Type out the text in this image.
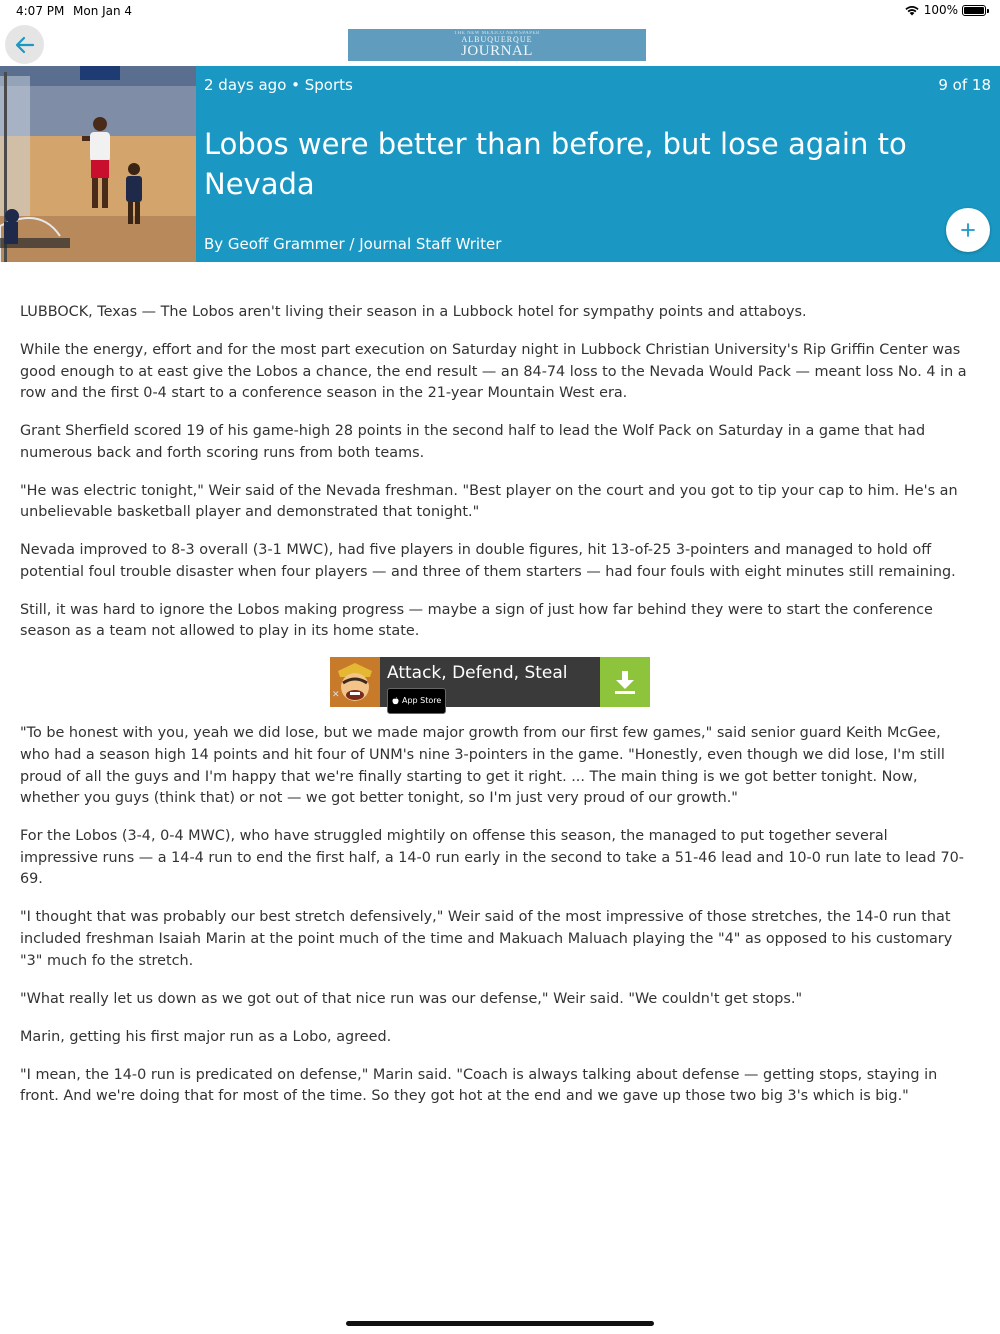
4:07 PM Mon Jan 4	100%
THE NEW MEXICO NEWSPAPER
ALBUQUERQUE
JOURNAL
2 days ago • Sports	9 of 18
Lobos were better than before, but lose again to Nevada
By Geoff Grammer / Journal Staff Writer

LUBBOCK, Texas — The Lobos aren't living their season in a Lubbock hotel for sympathy points and attaboys.

While the energy, effort and for the most part execution on Saturday night in Lubbock Christian University's Rip Griffin Center was good enough to at east give the Lobos a chance, the end result — an 84-74 loss to the Nevada Would Pack — meant loss No. 4 in a row and the first 0-4 start to a conference season in the 21-year Mountain West era.

Grant Sherfield scored 19 of his game-high 28 points in the second half to lead the Wolf Pack on Saturday in a game that had numerous back and forth scoring runs from both teams.

"He was electric tonight," Weir said of the Nevada freshman. "Best player on the court and you got to tip your cap to him. He's an unbelievable basketball player and demonstrated that tonight."

Nevada improved to 8-3 overall (3-1 MWC), had five players in double figures, hit 13-of-25 3-pointers and managed to hold off potential foul trouble disaster when four players — and three of them starters — had four fouls with eight minutes still remaining.

Still, it was hard to ignore the Lobos making progress — maybe a sign of just how far behind they were to start the conference season as a team not allowed to play in its home state.

Attack, Defend, Steal
App Store
✕

"To be honest with you, yeah we did lose, but we made major growth from our first few games," said senior guard Keith McGee, who had a season high 14 points and hit four of UNM's nine 3-pointers in the game. "Honestly, even though we did lose, I'm still proud of all the guys and I'm happy that we're finally starting to get it right. ... The main thing is we got better tonight. Now, whether you guys (think that) or not — we got better tonight, so I'm just very proud of our growth."

For the Lobos (3-4, 0-4 MWC), who have struggled mightily on offense this season, the managed to put together several impressive runs — a 14-4 run to end the first half, a 14-0 run early in the second to take a 51-46 lead and 10-0 run late to lead 70-69.

"I thought that was probably our best stretch defensively," Weir said of the most impressive of those stretches, the 14-0 run that included freshman Isaiah Marin at the point much of the time and Makuach Maluach playing the "4" as opposed to his customary "3" much fo the stretch.

"What really let us down as we got out of that nice run was our defense," Weir said. "We couldn't get stops."

Marin, getting his first major run as a Lobo, agreed.

"I mean, the 14-0 run is predicated on defense," Marin said. "Coach is always talking about defense — getting stops, staying in front. And we're doing that for most of the time. So they got hot at the end and we gave up those two big 3's which is big."
